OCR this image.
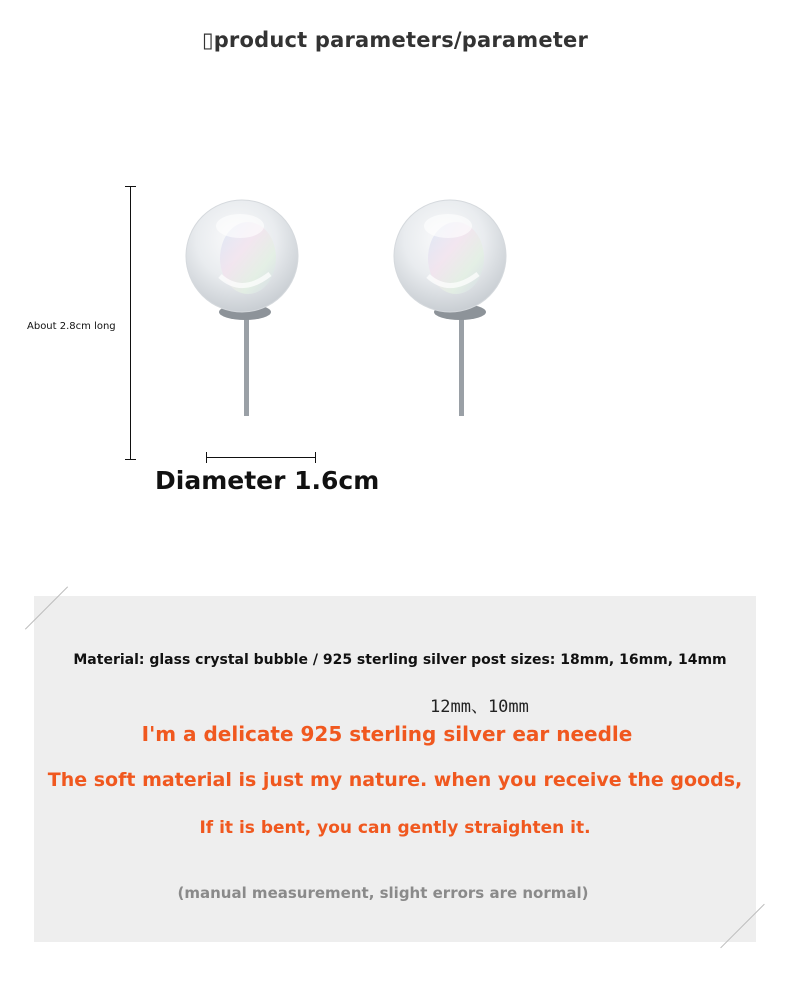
▯product parameters/parameter
About 2.8cm long
Diameter 1.6cm
Material: glass crystal bubble / 925 sterling silver post sizes: 18mm, 16mm, 14mm
12mm、10mm
I'm a delicate 925 sterling silver ear needle
The soft material is just my nature. when you receive the goods,
If it is bent, you can gently straighten it.
(manual measurement, slight errors are normal)
